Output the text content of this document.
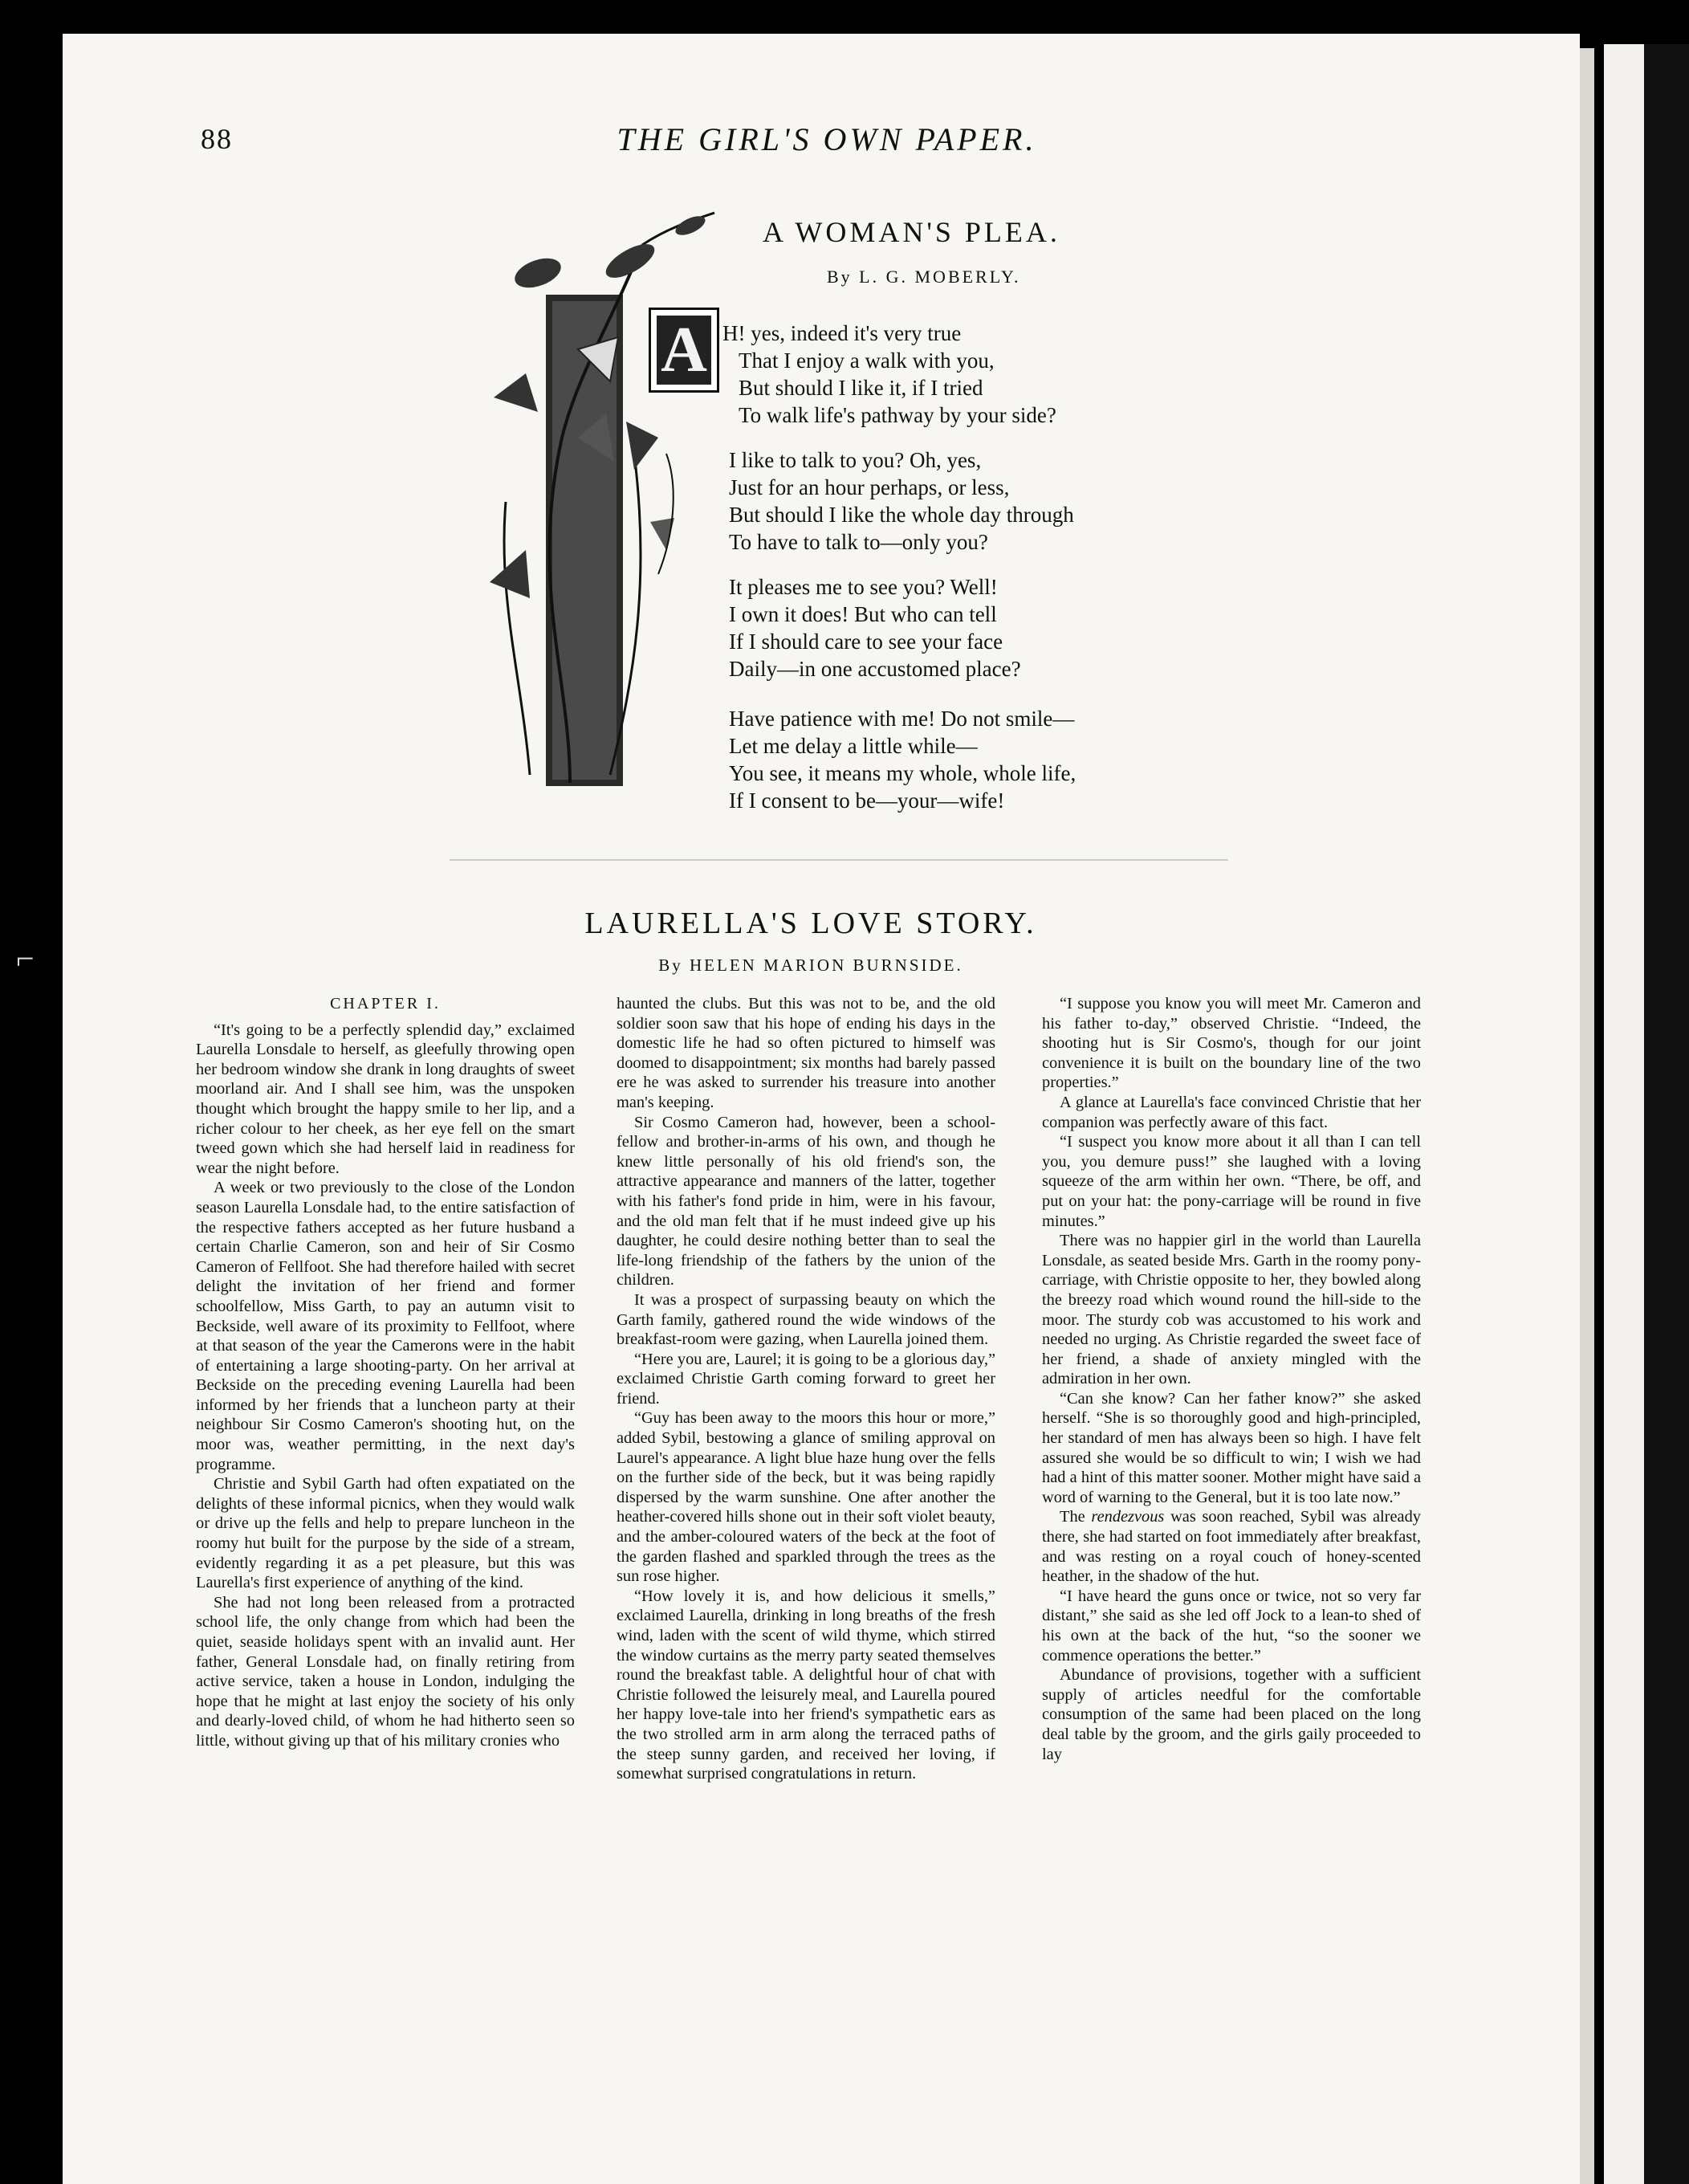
⌐
88	THE GIRL'S OWN PAPER.
A WOMAN'S PLEA.
By L. G. MOBERLY.
A H! yes, indeed it's very true
That I enjoy a walk with you,
But should I like it, if I tried
To walk life's pathway by your side?
I like to talk to you? Oh, yes,
Just for an hour perhaps, or less,
But should I like the whole day through
To have to talk to—only you?
It pleases me to see you? Well!
I own it does! But who can tell
If I should care to see your face
Daily—in one accustomed place?
Have patience with me! Do not smile—
Let me delay a little while—
You see, it means my whole, whole life,
If I consent to be—your—wife!
LAURELLA'S LOVE STORY.
By HELEN MARION BURNSIDE.
CHAPTER I.

“It's going to be a perfectly splendid day,” exclaimed Laurella Lonsdale to herself, as gleefully throwing open her bedroom window she drank in long draughts of sweet moorland air. And I shall see him, was the unspoken thought which brought the happy smile to her lip, and a richer colour to her cheek, as her eye fell on the smart tweed gown which she had herself laid in readiness for wear the night before.

A week or two previously to the close of the London season Laurella Lonsdale had, to the entire satisfaction of the respective fathers accepted as her future husband a certain Charlie Cameron, son and heir of Sir Cosmo Cameron of Fellfoot. She had therefore hailed with secret delight the invitation of her friend and former schoolfellow, Miss Garth, to pay an autumn visit to Beckside, well aware of its proximity to Fellfoot, where at that season of the year the Camerons were in the habit of entertaining a large shooting-party. On her arrival at Beckside on the preceding evening Laurella had been informed by her friends that a luncheon party at their neighbour Sir Cosmo Cameron's shooting hut, on the moor was, weather permitting, in the next day's programme.

Christie and Sybil Garth had often expatiated on the delights of these informal picnics, when they would walk or drive up the fells and help to prepare luncheon in the roomy hut built for the purpose by the side of a stream, evidently regarding it as a pet pleasure, but this was Laurella's first experience of anything of the kind.

She had not long been released from a protracted school life, the only change from which had been the quiet, seaside holidays spent with an invalid aunt. Her father, General Lonsdale had, on finally retiring from active service, taken a house in London, indulging the hope that he might at last enjoy the society of his only and dearly-loved child, of whom he had hitherto seen so little, without giving up that of his military cronies who

haunted the clubs. But this was not to be, and the old soldier soon saw that his hope of ending his days in the domestic life he had so often pictured to himself was doomed to disappointment; six months had barely passed ere he was asked to surrender his treasure into another man's keeping.

Sir Cosmo Cameron had, however, been a school-fellow and brother-in-arms of his own, and though he knew little personally of his old friend's son, the attractive appearance and manners of the latter, together with his father's fond pride in him, were in his favour, and the old man felt that if he must indeed give up his daughter, he could desire nothing better than to seal the life-long friendship of the fathers by the union of the children.

It was a prospect of surpassing beauty on which the Garth family, gathered round the wide windows of the breakfast-room were gazing, when Laurella joined them.

“Here you are, Laurel; it is going to be a glorious day,” exclaimed Christie Garth coming forward to greet her friend.

“Guy has been away to the moors this hour or more,” added Sybil, bestowing a glance of smiling approval on Laurel's appearance. A light blue haze hung over the fells on the further side of the beck, but it was being rapidly dispersed by the warm sunshine. One after another the heather-covered hills shone out in their soft violet beauty, and the amber-coloured waters of the beck at the foot of the garden flashed and sparkled through the trees as the sun rose higher.

“How lovely it is, and how delicious it smells,” exclaimed Laurella, drinking in long breaths of the fresh wind, laden with the scent of wild thyme, which stirred the window curtains as the merry party seated themselves round the breakfast table. A delightful hour of chat with Christie followed the leisurely meal, and Laurella poured her happy love-tale into her friend's sympathetic ears as the two strolled arm in arm along the terraced paths of the steep sunny garden, and received her loving, if somewhat surprised congratulations in return.

“I suppose you know you will meet Mr. Cameron and his father to-day,” observed Christie. “Indeed, the shooting hut is Sir Cosmo's, though for our joint convenience it is built on the boundary line of the two properties.”

A glance at Laurella's face convinced Christie that her companion was perfectly aware of this fact.

“I suspect you know more about it all than I can tell you, you demure puss!” she laughed with a loving squeeze of the arm within her own. “There, be off, and put on your hat: the pony-carriage will be round in five minutes.”

There was no happier girl in the world than Laurella Lonsdale, as seated beside Mrs. Garth in the roomy pony-carriage, with Christie opposite to her, they bowled along the breezy road which wound round the hill-side to the moor. The sturdy cob was accustomed to his work and needed no urging. As Christie regarded the sweet face of her friend, a shade of anxiety mingled with the admiration in her own.

“Can she know? Can her father know?” she asked herself. “She is so thoroughly good and high-principled, her standard of men has always been so high. I have felt assured she would be so difficult to win; I wish we had had a hint of this matter sooner. Mother might have said a word of warning to the General, but it is too late now.”

The rendezvous was soon reached, Sybil was already there, she had started on foot immediately after breakfast, and was resting on a royal couch of honey-scented heather, in the shadow of the hut.

“I have heard the guns once or twice, not so very far distant,” she said as she led off Jock to a lean-to shed of his own at the back of the hut, “so the sooner we commence operations the better.”

Abundance of provisions, together with a sufficient supply of articles needful for the comfortable consumption of the same had been placed on the long deal table by the groom, and the girls gaily proceeded to lay
